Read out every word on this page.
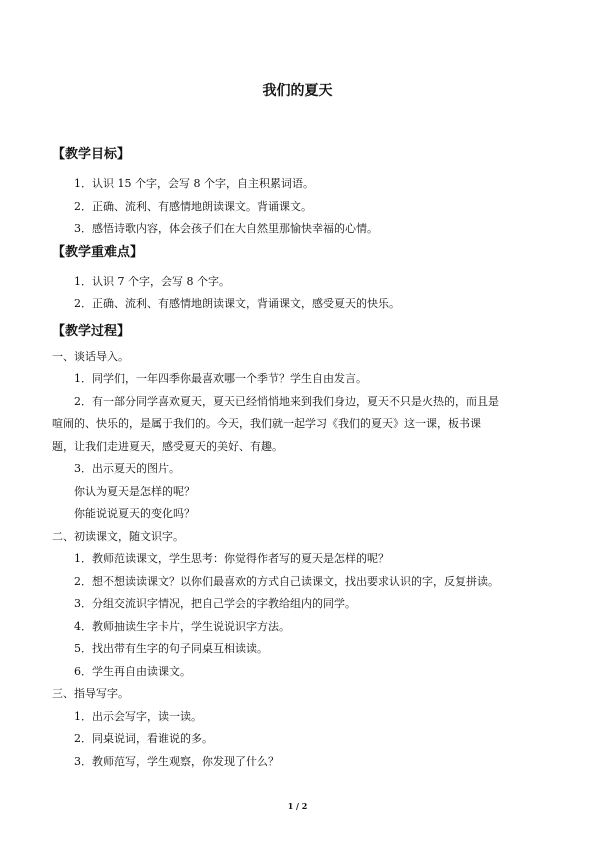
我们的夏天

【教学目标】

1．认识 15 个字，会写 8 个字，自主积累词语。

2．正确、流利、有感情地朗读课文。背诵课文。

3．感悟诗歌内容，体会孩子们在大自然里那愉快幸福的心情。

【教学重难点】

1．认识 7 个字，会写 8 个字。

2．正确、流利、有感情地朗读课文，背诵课文，感受夏天的快乐。

【教学过程】

一、谈话导入。

1．同学们，一年四季你最喜欢哪一个季节？学生自由发言。

2．有一部分同学喜欢夏天，夏天已经悄悄地来到我们身边，夏天不只是火热的，而且是

喧闹的、快乐的，是属于我们的。今天，我们就一起学习《我们的夏天》这一课，板书课

题，让我们走进夏天，感受夏天的美好、有趣。

3．出示夏天的图片。

你认为夏天是怎样的呢？

你能说说夏天的变化吗？

二、初读课文，随文识字。

1．教师范读课文，学生思考：你觉得作者写的夏天是怎样的呢？

2．想不想读读课文？以你们最喜欢的方式自己读课文，找出要求认识的字，反复拼读。

3．分组交流识字情况，把自己学会的字教给组内的同学。

4．教师抽读生字卡片，学生说说识字方法。

5．找出带有生字的句子同桌互相读读。

6．学生再自由读课文。

三、指导写字。

1．出示会写字，读一读。

2．同桌说词，看谁说的多。

3．教师范写，学生观察，你发现了什么？

1 / 2
